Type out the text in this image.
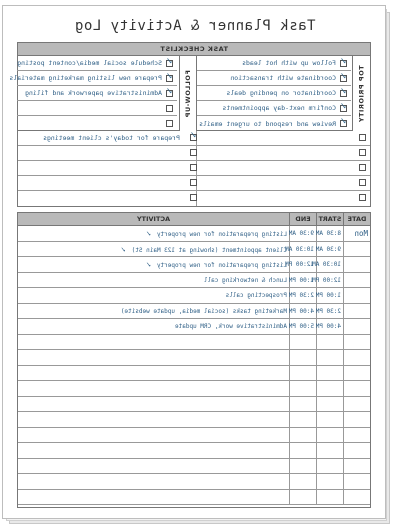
Task Planner & Activity Log
TASK CHECKLIST
TOP PRIORITY
✓
Follow up with hot leads
✓
Coordinate with transaction
✓
Coordinator on pending deals
✓
Confirm next-day appointments
✓
Review and respond to urgent emails
FOLLOW-UP
✓
Schedule social media/content posting
✓
Prepare new listing marketing materials
✓
Administrative paperwork and filing
✓
Prepare for today's client meetings
DATE
START
END
ACTIVITY
Mon
8:30 AM
9:30 AM
Listing preparation for new property✓
9:30 AM
10:30 AM
Client appointment (showing at 123 Main St)✓
10:30 AM
12:00 PM
Listing preparation for new property✓
12:00 PM
1:00 PM
Lunch & networking call
1:00 PM
2:30 PM
Prospecting calls
2:30 PM
4:00 PM
Marketing tasks (social media, update website)
4:00 PM
5:00 PM
Administrative work, CRM update
